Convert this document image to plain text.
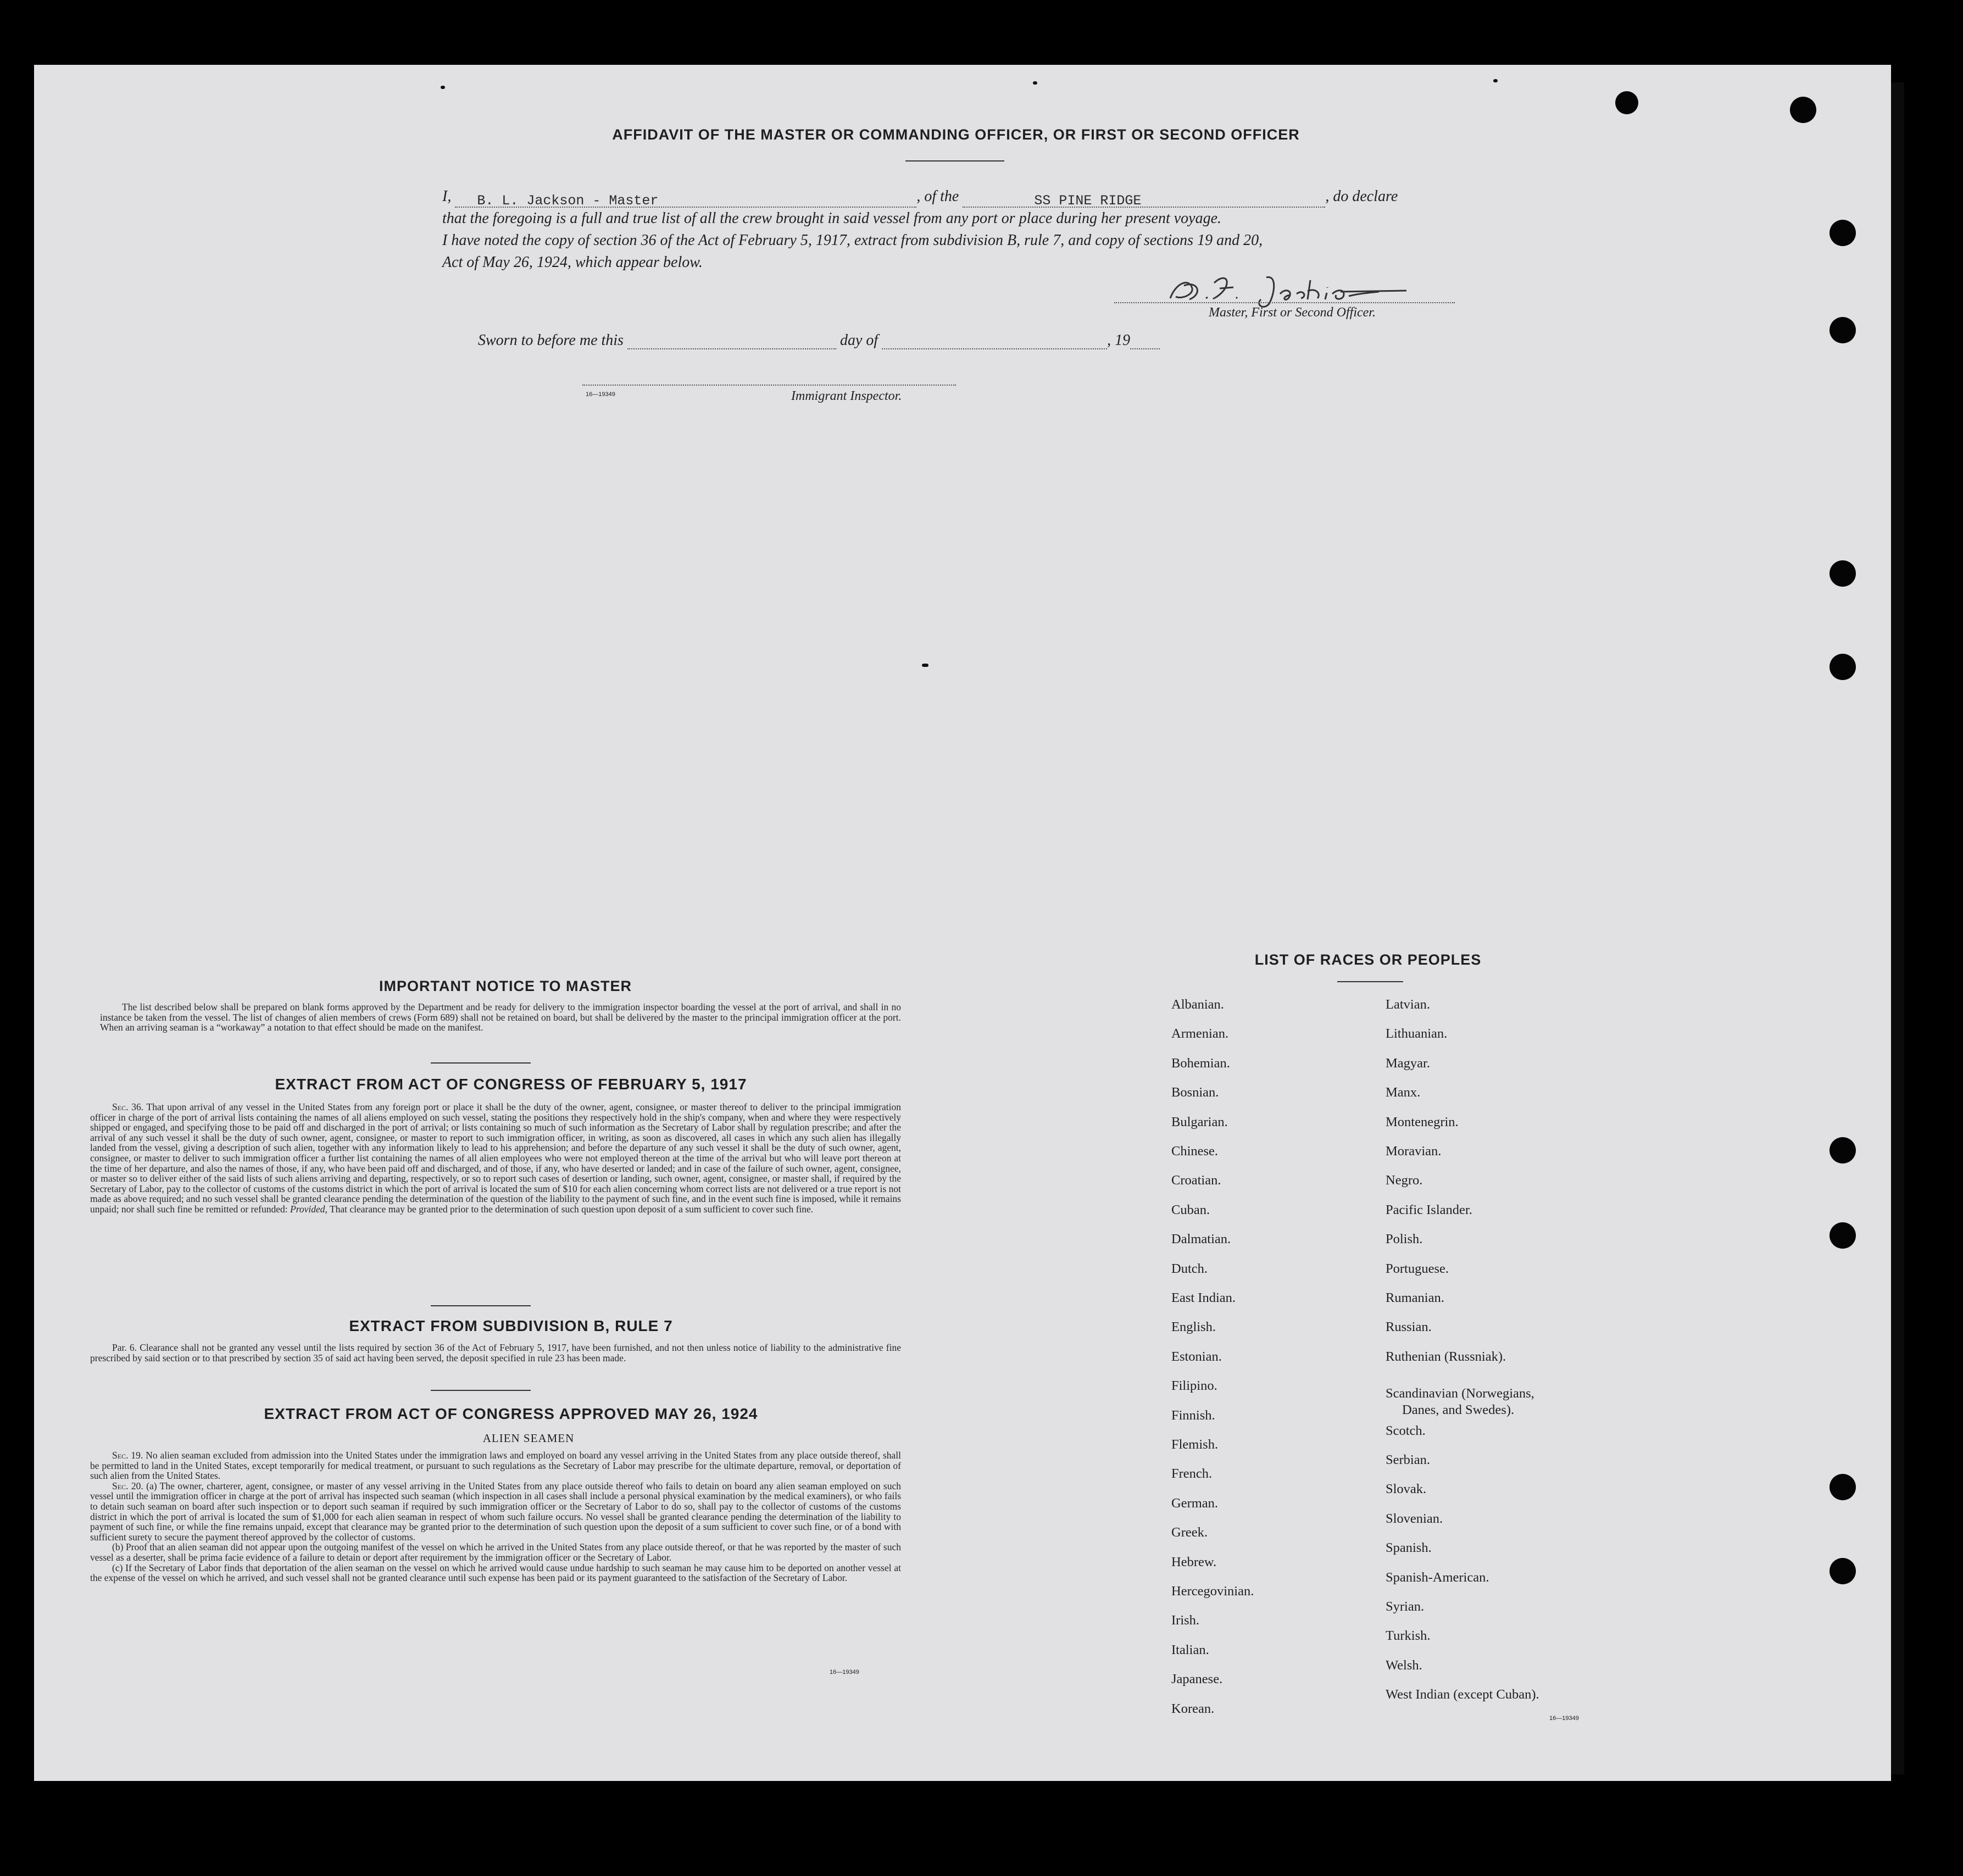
AFFIDAVIT OF THE MASTER OR COMMANDING OFFICER, OR FIRST OR SECOND OFFICER
I, B. L. Jackson - Master	, of the	SS PINE RIDGE	, do declare
that the foregoing is a full and true list of all the crew brought in said vessel from any port or place during her present voyage.
I have noted the copy of section 36 of the Act of February 5, 1917, extract from subdivision B, rule 7, and copy of sections 19 and 20,
Act of May 26, 1924, which appear below.
Master, First or Second Officer.
Sworn to before me this	day of	, 19
16—19349	Immigrant Inspector.
IMPORTANT NOTICE TO MASTER
The list described below shall be prepared on blank forms approved by the Department and be ready for delivery to the immigration inspector boarding the vessel at the port of arrival, and shall in no instance be taken from the vessel. The list of changes of alien members of crews (Form 689) shall not be retained on board, but shall be delivered by the master to the principal immigration officer at the port. When an arriving seaman is a “workaway” a notation to that effect should be made on the manifest.
EXTRACT FROM ACT OF CONGRESS OF FEBRUARY 5, 1917
Sec. 36. That upon arrival of any vessel in the United States from any foreign port or place it shall be the duty of the owner, agent, consignee, or master thereof to deliver to the principal immigration officer in charge of the port of arrival lists containing the names of all aliens employed on such vessel, stating the positions they respectively hold in the ship's company, when and where they were respectively shipped or engaged, and specifying those to be paid off and discharged in the port of arrival; or lists containing so much of such information as the Secretary of Labor shall by regulation prescribe; and after the arrival of any such vessel it shall be the duty of such owner, agent, consignee, or master to report to such immigration officer, in writing, as soon as discovered, all cases in which any such alien has illegally landed from the vessel, giving a description of such alien, together with any information likely to lead to his apprehension; and before the departure of any such vessel it shall be the duty of such owner, agent, consignee, or master to deliver to such immigration officer a further list containing the names of all alien employees who were not employed thereon at the time of the arrival but who will leave port thereon at the time of her departure, and also the names of those, if any, who have been paid off and discharged, and of those, if any, who have deserted or landed; and in case of the failure of such owner, agent, consignee, or master so to deliver either of the said lists of such aliens arriving and departing, respectively, or so to report such cases of desertion or landing, such owner, agent, consignee, or master shall, if required by the Secretary of Labor, pay to the collector of customs of the customs district in which the port of arrival is located the sum of $10 for each alien concerning whom correct lists are not delivered or a true report is not made as above required; and no such vessel shall be granted clearance pending the determination of the question of the liability to the payment of such fine, and in the event such fine is imposed, while it remains unpaid; nor shall such fine be remitted or refunded: Provided, That clearance may be granted prior to the determination of such question upon deposit of a sum sufficient to cover such fine.
EXTRACT FROM SUBDIVISION B, RULE 7
Par. 6. Clearance shall not be granted any vessel until the lists required by section 36 of the Act of February 5, 1917, have been furnished, and not then unless notice of liability to the administrative fine prescribed by said section or to that prescribed by section 35 of said act having been served, the deposit specified in rule 23 has been made.
EXTRACT FROM ACT OF CONGRESS APPROVED MAY 26, 1924
ALIEN SEAMEN
Sec. 19. No alien seaman excluded from admission into the United States under the immigration laws and employed on board any vessel arriving in the United States from any place outside thereof, shall be permitted to land in the United States, except temporarily for medical treatment, or pursuant to such regulations as the Secretary of Labor may prescribe for the ultimate departure, removal, or deportation of such alien from the United States.
Sec. 20. (a) The owner, charterer, agent, consignee, or master of any vessel arriving in the United States from any place outside thereof who fails to detain on board any alien seaman employed on such vessel until the immigration officer in charge at the port of arrival has inspected such seaman (which inspection in all cases shall include a personal physical examination by the medical examiners), or who fails to detain such seaman on board after such inspection or to deport such seaman if required by such immigration officer or the Secretary of Labor to do so, shall pay to the collector of customs of the customs district in which the port of arrival is located the sum of $1,000 for each alien seaman in respect of whom such failure occurs. No vessel shall be granted clearance pending the determination of the liability to payment of such fine, or while the fine remains unpaid, except that clearance may be granted prior to the determination of such question upon the deposit of a sum sufficient to cover such fine, or of a bond with sufficient surety to secure the payment thereof approved by the collector of customs.
(b) Proof that an alien seaman did not appear upon the outgoing manifest of the vessel on which he arrived in the United States from any place outside thereof, or that he was reported by the master of such vessel as a deserter, shall be prima facie evidence of a failure to detain or deport after requirement by the immigration officer or the Secretary of Labor.
(c) If the Secretary of Labor finds that deportation of the alien seaman on the vessel on which he arrived would cause undue hardship to such seaman he may cause him to be deported on another vessel at the expense of the vessel on which he arrived, and such vessel shall not be granted clearance until such expense has been paid or its payment guaranteed to the satisfaction of the Secretary of Labor.
16—19349
LIST OF RACES OR PEOPLES
Albanian.
Armenian.
Bohemian.
Bosnian.
Bulgarian.
Chinese.
Croatian.
Cuban.
Dalmatian.
Dutch.
East Indian.
English.
Estonian.
Filipino.
Finnish.
Flemish.
French.
German.
Greek.
Hebrew.
Hercegovinian.
Irish.
Italian.
Japanese.
Korean.
Latvian.
Lithuanian.
Magyar.
Manx.
Montenegrin.
Moravian.
Negro.
Pacific Islander.
Polish.
Portuguese.
Rumanian.
Russian.
Ruthenian (Russniak).
Scandinavian (Norwegians,
Danes, and Swedes).
Scotch.
Serbian.
Slovak.
Slovenian.
Spanish.
Spanish-American.
Syrian.
Turkish.
Welsh.
West Indian (except Cuban).
16—19349
